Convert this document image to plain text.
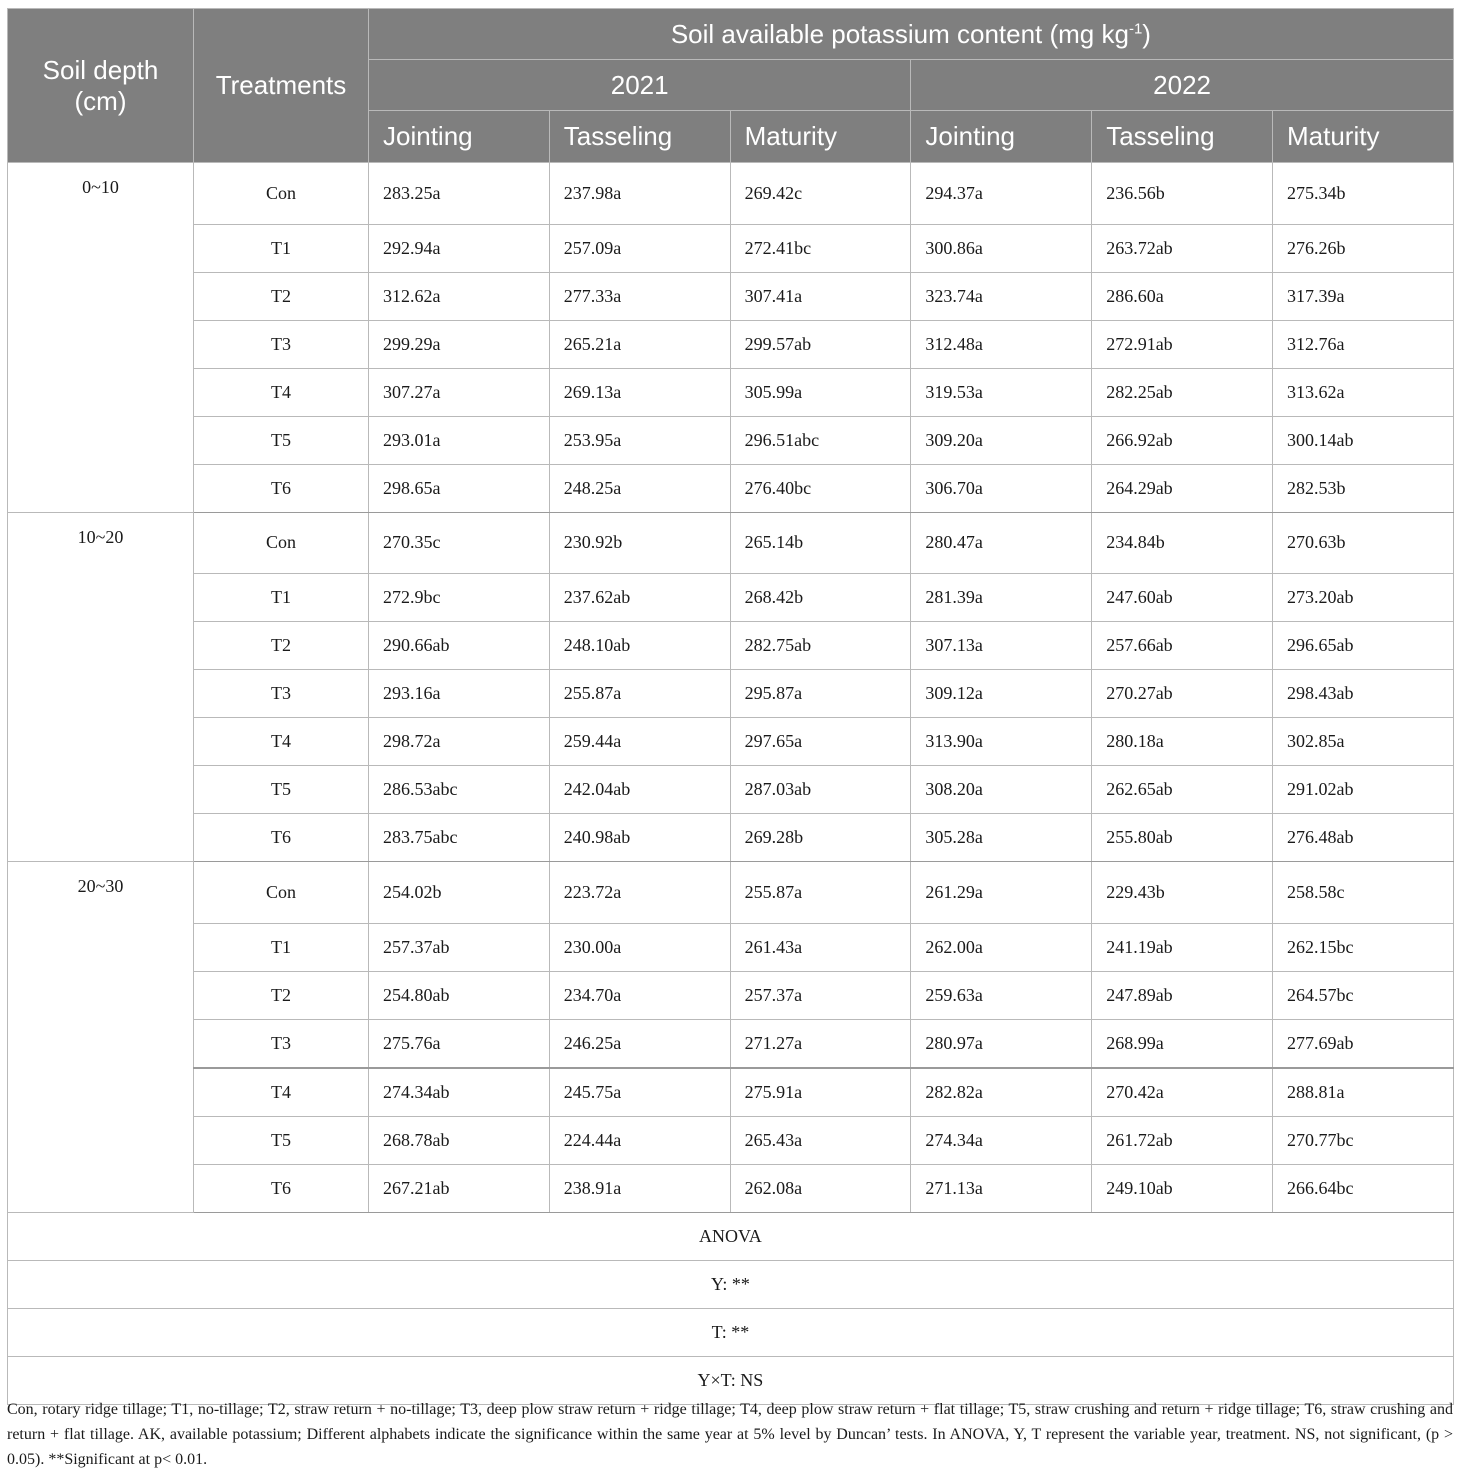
Soil depth (cm)	Treatments	Soil available potassium content (mg $kg^{-1}$)					
		2021			2022		
		Jointing	Tasseling	Maturity	Jointing	Tasseling	Maturity
0~10	Con	283.25a	237.98a	269.42c	294.37a	236.56b	275.34b
	T1	292.94a	257.09a	272.41bc	300.86a	263.72ab	276.26b
	T2	312.62a	277.33a	307.41a	323.74a	286.60a	317.39a
	T3	299.29a	265.21a	299.57ab	312.48a	272.91ab	312.76a
	T4	307.27a	269.13a	305.99a	319.53a	282.25ab	313.62a
	T5	293.01a	253.95a	296.51abc	309.20a	266.92ab	300.14ab
	T6	298.65a	248.25a	276.40bc	306.70a	264.29ab	282.53b
10~20	Con	270.35c	230.92b	265.14b	280.47a	234.84b	270.63b
	T1	272.9bc	237.62ab	268.42b	281.39a	247.60ab	273.20ab
	T2	290.66ab	248.10ab	282.75ab	307.13a	257.66ab	296.65ab
	T3	293.16a	255.87a	295.87a	309.12a	270.27ab	298.43ab
	T4	298.72a	259.44a	297.65a	313.90a	280.18a	302.85a
	T5	286.53abc	242.04ab	287.03ab	308.20a	262.65ab	291.02ab
	T6	283.75abc	240.98ab	269.28b	305.28a	255.80ab	276.48ab
20~30	Con	254.02b	223.72a	255.87a	261.29a	229.43b	258.58c
	T1	257.37ab	230.00a	261.43a	262.00a	241.19ab	262.15bc
	T2	254.80ab	234.70a	257.37a	259.63a	247.89ab	264.57bc
	T3	275.76a	246.25a	271.27a	280.97a	268.99a	277.69ab
	T4	274.34ab	245.75a	275.91a	282.82a	270.42a	288.81a
	T5	268.78ab	224.44a	265.43a	274.34a	261.72ab	270.77bc
	T6	267.21ab	238.91a	262.08a	271.13a	249.10ab	266.64bc
ANOVA							
Y: **							
T: **							
Y×T: NS							

Con, rotary ridge tillage; T1, no-tillage; T2, straw return + no-tillage; T3, deep plow straw return + ridge tillage; T4, deep plow straw return + flat tillage; T5, straw crushing and return + ridge tillage; T6, straw crushing and return + flat tillage. AK, available potassium; Different alphabets indicate the significance within the same year at 5% level by Duncan’ tests. In ANOVA, Y, T represent the variable year, treatment. NS, not significant, (p > 0.05). **Significant at p< 0.01.
